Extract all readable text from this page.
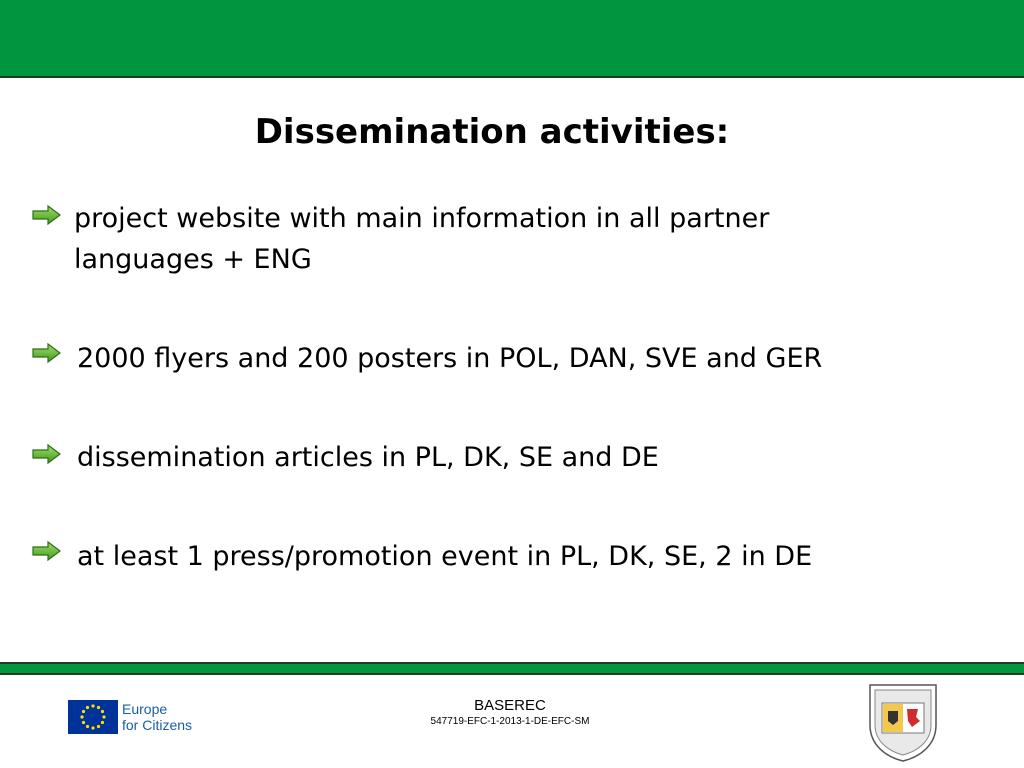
Dissemination activities:
project website with main information in all partner
languages + ENG
2000 flyers and 200 posters in POL, DAN, SVE and GER
dissemination articles in PL, DK, SE and DE
at least 1 press/promotion event in PL, DK, SE, 2 in DE
Europe
for Citizens
BASEREC
547719-EFC-1-2013-1-DE-EFC-SM
